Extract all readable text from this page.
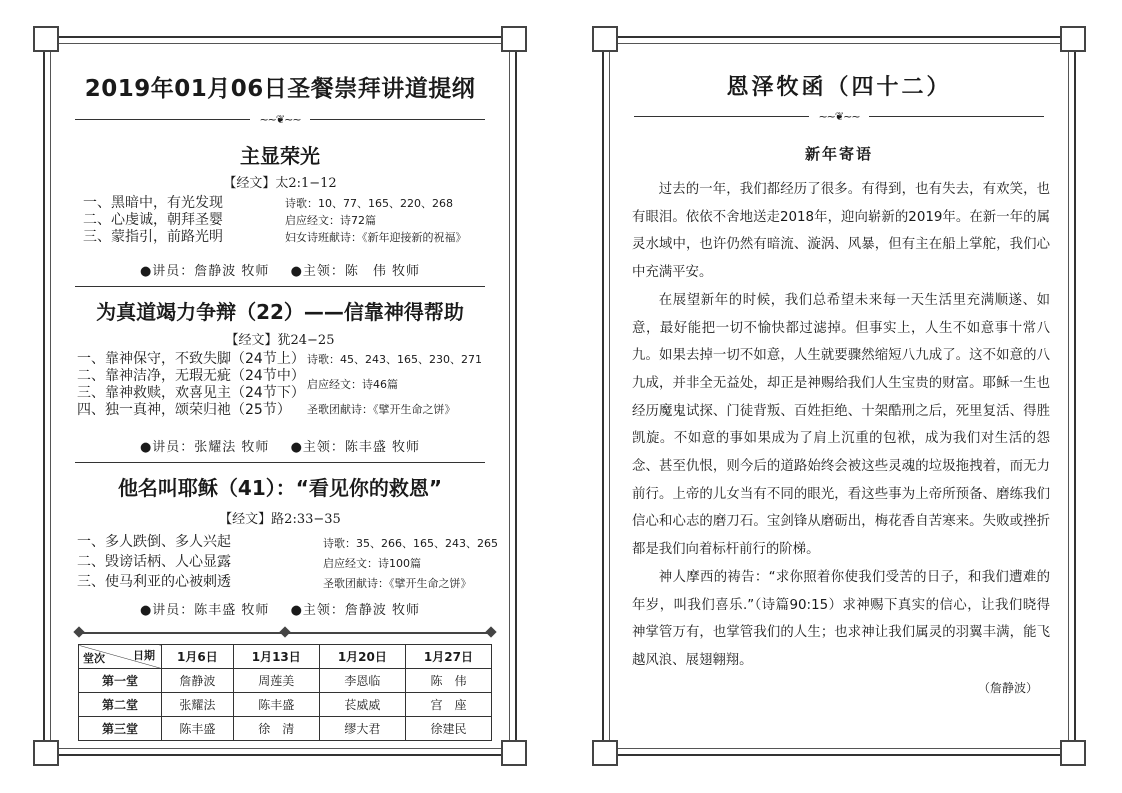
2019年01月06日圣餐崇拜讲道提纲
~~❦~~
主显荣光
【经文】太2:1−12
一、黑暗中，有光发现
二、心虔诚，朝拜圣婴
三、蒙指引，前路光明
诗歌：10、77、165、220、268
启应经文：诗72篇
妇女诗班献诗：《新年迎接新的祝福》
●讲员：詹静波 牧师 ●主领：陈　伟 牧师
为真道竭力争辩（22）——信靠神得帮助
【经文】犹24−25
一、靠神保守，不致失脚（24节上）
二、靠神洁净，无瑕无疵（24节中）
三、靠神救赎，欢喜见主（24节下）
四、独一真神，颂荣归祂（25节）
诗歌：45、243、165、230、271
启应经文：诗46篇
圣歌团献诗：《擘开生命之饼》
●讲员：张耀法 牧师 ●主领：陈丰盛 牧师
他名叫耶稣（41）：“看见你的救恩”
【经文】路2:33−35
一、多人跌倒、多人兴起
二、毁谤话柄、人心显露
三、使马利亚的心被刺透
诗歌：35、266、165、243、265
启应经文：诗100篇
圣歌团献诗：《擘开生命之饼》
●讲员：陈丰盛 牧师 ●主领：詹静波 牧师
日期
堂次	1月6日	1月13日	1月20日	1月27日
第一堂	詹静波	周莲美	李恩临	陈　伟
第二堂	张耀法	陈丰盛	苌威威	宫　座
第三堂	陈丰盛	徐　清	缪大君	徐建民
恩泽牧函（四十二）
~~❦~~
新年寄语

过去的一年，我们都经历了很多。有得到，也有失去，有欢笑，也有眼泪。依依不舍地送走2018年，迎向崭新的2019年。在新一年的属灵水域中，也许仍然有暗流、漩涡、风暴，但有主在船上掌舵，我们心中充满平安。

在展望新年的时候，我们总希望未来每一天生活里充满顺遂、如意，最好能把一切不愉快都过滤掉。但事实上，人生不如意事十常八九。如果去掉一切不如意，人生就要骤然缩短八九成了。这不如意的八九成，并非全无益处，却正是神赐给我们人生宝贵的财富。耶稣一生也经历魔鬼试探、门徒背叛、百姓拒绝、十架酷刑之后，死里复活、得胜凯旋。不如意的事如果成为了肩上沉重的包袱，成为我们对生活的怨念、甚至仇恨，则今后的道路始终会被这些灵魂的垃圾拖拽着，而无力前行。上帝的儿女当有不同的眼光，看这些事为上帝所预备、磨练我们信心和心志的磨刀石。宝剑锋从磨砺出，梅花香自苦寒来。失败或挫折都是我们向着标杆前行的阶梯。

神人摩西的祷告：“求你照着你使我们受苦的日子，和我们遭难的年岁，叫我们喜乐.”（诗篇90:15）求神赐下真实的信心，让我们晓得神掌管万有，也掌管我们的人生；也求神让我们属灵的羽翼丰满，能飞越风浪、展翅翱翔。

（詹静波）
